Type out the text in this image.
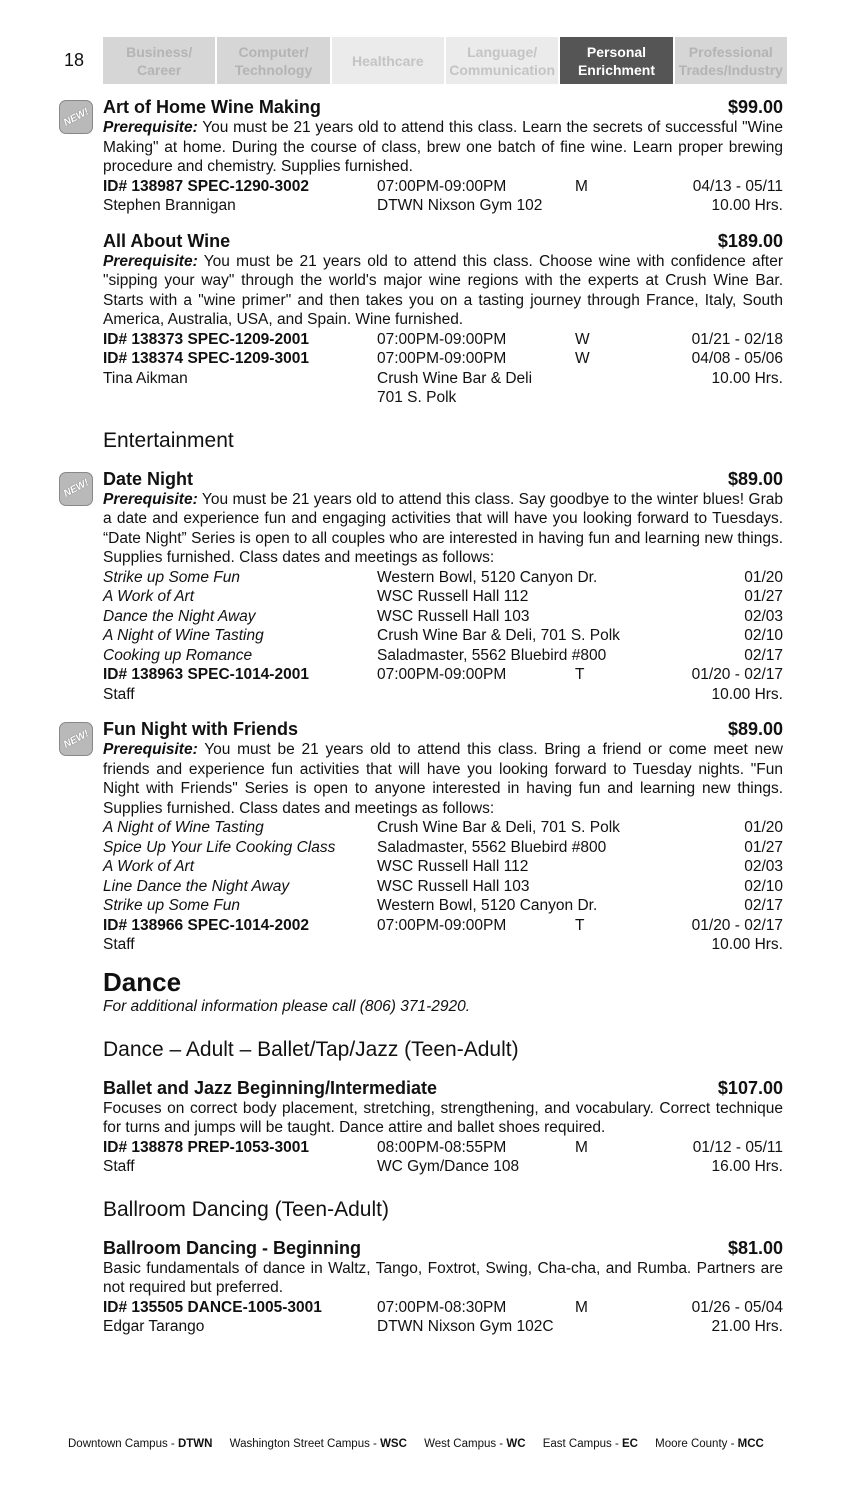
18	Business/
Career
Computer/
Technology
Healthcare
Language/
Communication
Personal
Enrichment
Professional
Trades/Industry
NEW! Art of Home Wine Making	$99.00
Prerequisite: You must be 21 years old to attend this class. Learn the secrets of successful "Wine Making" at home. During the course of class, brew one batch of fine wine. Learn proper brewing procedure and chemistry. Supplies furnished.
ID# 138987 SPEC-1290-3002	07:00PM-09:00PM	M	04/13 - 05/11
Stephen Brannigan	DTWN Nixson Gym 102	10.00 Hrs.
All About Wine	$189.00
Prerequisite: You must be 21 years old to attend this class. Choose wine with confidence after "sipping your way" through the world's major wine regions with the experts at Crush Wine Bar. Starts with a "wine primer" and then takes you on a tasting journey through France, Italy, South America, Australia, USA, and Spain. Wine furnished.
ID# 138373 SPEC-1209-2001	07:00PM-09:00PM	W	01/21 - 02/18
ID# 138374 SPEC-1209-3001	07:00PM-09:00PM	W	04/08 - 05/06
Tina Aikman	Crush Wine Bar & Deli	10.00 Hrs.
701 S. Polk
Entertainment
NEW! Date Night	$89.00
Prerequisite: You must be 21 years old to attend this class. Say goodbye to the winter blues! Grab a date and experience fun and engaging activities that will have you looking forward to Tuesdays. “Date Night” Series is open to all couples who are interested in having fun and learning new things. Supplies furnished. Class dates and meetings as follows:
Strike up Some Fun	Western Bowl, 5120 Canyon Dr.	01/20
A Work of Art	WSC Russell Hall 112	01/27
Dance the Night Away	WSC Russell Hall 103	02/03
A Night of Wine Tasting	Crush Wine Bar & Deli, 701 S. Polk	02/10
Cooking up Romance	Saladmaster, 5562 Bluebird #800	02/17
ID# 138963 SPEC-1014-2001	07:00PM-09:00PM	T	01/20 - 02/17
Staff	10.00 Hrs.
NEW! Fun Night with Friends	$89.00
Prerequisite: You must be 21 years old to attend this class. Bring a friend or come meet new friends and experience fun activities that will have you looking forward to Tuesday nights. "Fun Night with Friends" Series is open to anyone interested in having fun and learning new things. Supplies furnished. Class dates and meetings as follows:
A Night of Wine Tasting	Crush Wine Bar & Deli, 701 S. Polk	01/20
Spice Up Your Life Cooking Class	Saladmaster, 5562 Bluebird #800	01/27
A Work of Art	WSC Russell Hall 112	02/03
Line Dance the Night Away	WSC Russell Hall 103	02/10
Strike up Some Fun	Western Bowl, 5120 Canyon Dr.	02/17
ID# 138966 SPEC-1014-2002	07:00PM-09:00PM	T	01/20 - 02/17
Staff	10.00 Hrs.
Dance
For additional information please call (806) 371-2920.
Dance – Adult – Ballet/Tap/Jazz (Teen-Adult)
Ballet and Jazz Beginning/Intermediate	$107.00
Focuses on correct body placement, stretching, strengthening, and vocabulary. Correct technique for turns and jumps will be taught. Dance attire and ballet shoes required.
ID# 138878 PREP-1053-3001	08:00PM-08:55PM	M	01/12 - 05/11
Staff	WC Gym/Dance 108	16.00 Hrs.
Ballroom Dancing (Teen-Adult)
Ballroom Dancing - Beginning	$81.00
Basic fundamentals of dance in Waltz, Tango, Foxtrot, Swing, Cha-cha, and Rumba. Partners are not required but preferred.
ID# 135505 DANCE-1005-3001	07:00PM-08:30PM	M	01/26 - 05/04
Edgar Tarango	DTWN Nixson Gym 102C	21.00 Hrs.
Downtown Campus - DTWN Washington Street Campus - WSC West Campus - WC East Campus - EC Moore County - MCC
